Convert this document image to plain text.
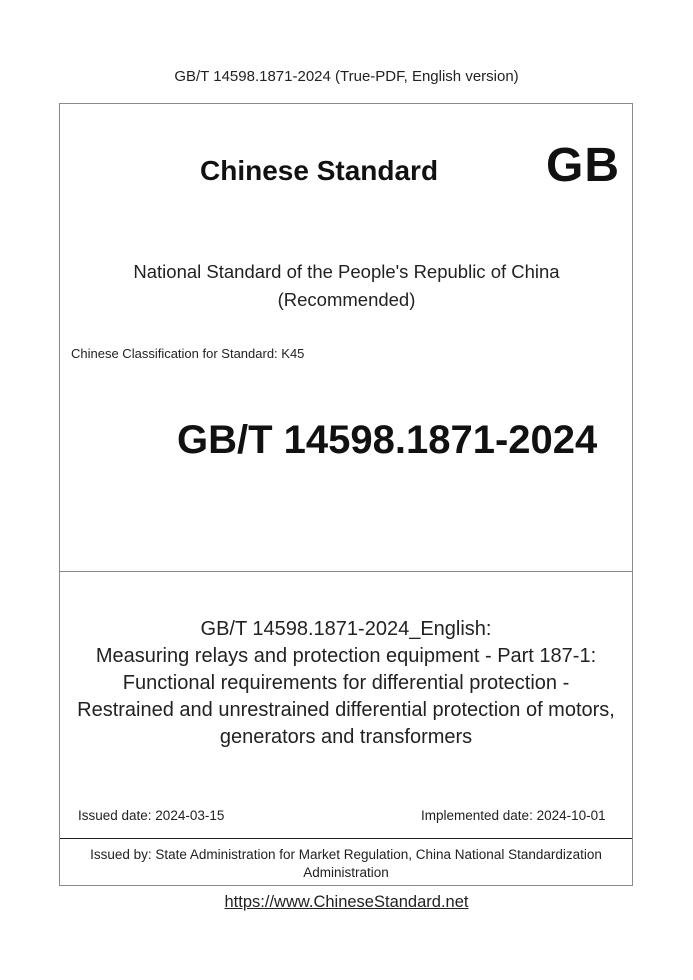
GB/T 14598.1871-2024 (True-PDF, English version)
Chinese Standard GB
National Standard of the People's Republic of China
(Recommended)
Chinese Classification for Standard: K45
GB/T 14598.1871-2024
GB/T 14598.1871-2024_English:
Measuring relays and protection equipment - Part 187-1:
Functional requirements for differential protection -
Restrained and unrestrained differential protection of motors,
generators and transformers
Issued date: 2024-03-15	Implemented date: 2024-10-01
Issued by: State Administration for Market Regulation, China National Standardization
Administration
https://www.ChineseStandard.net
